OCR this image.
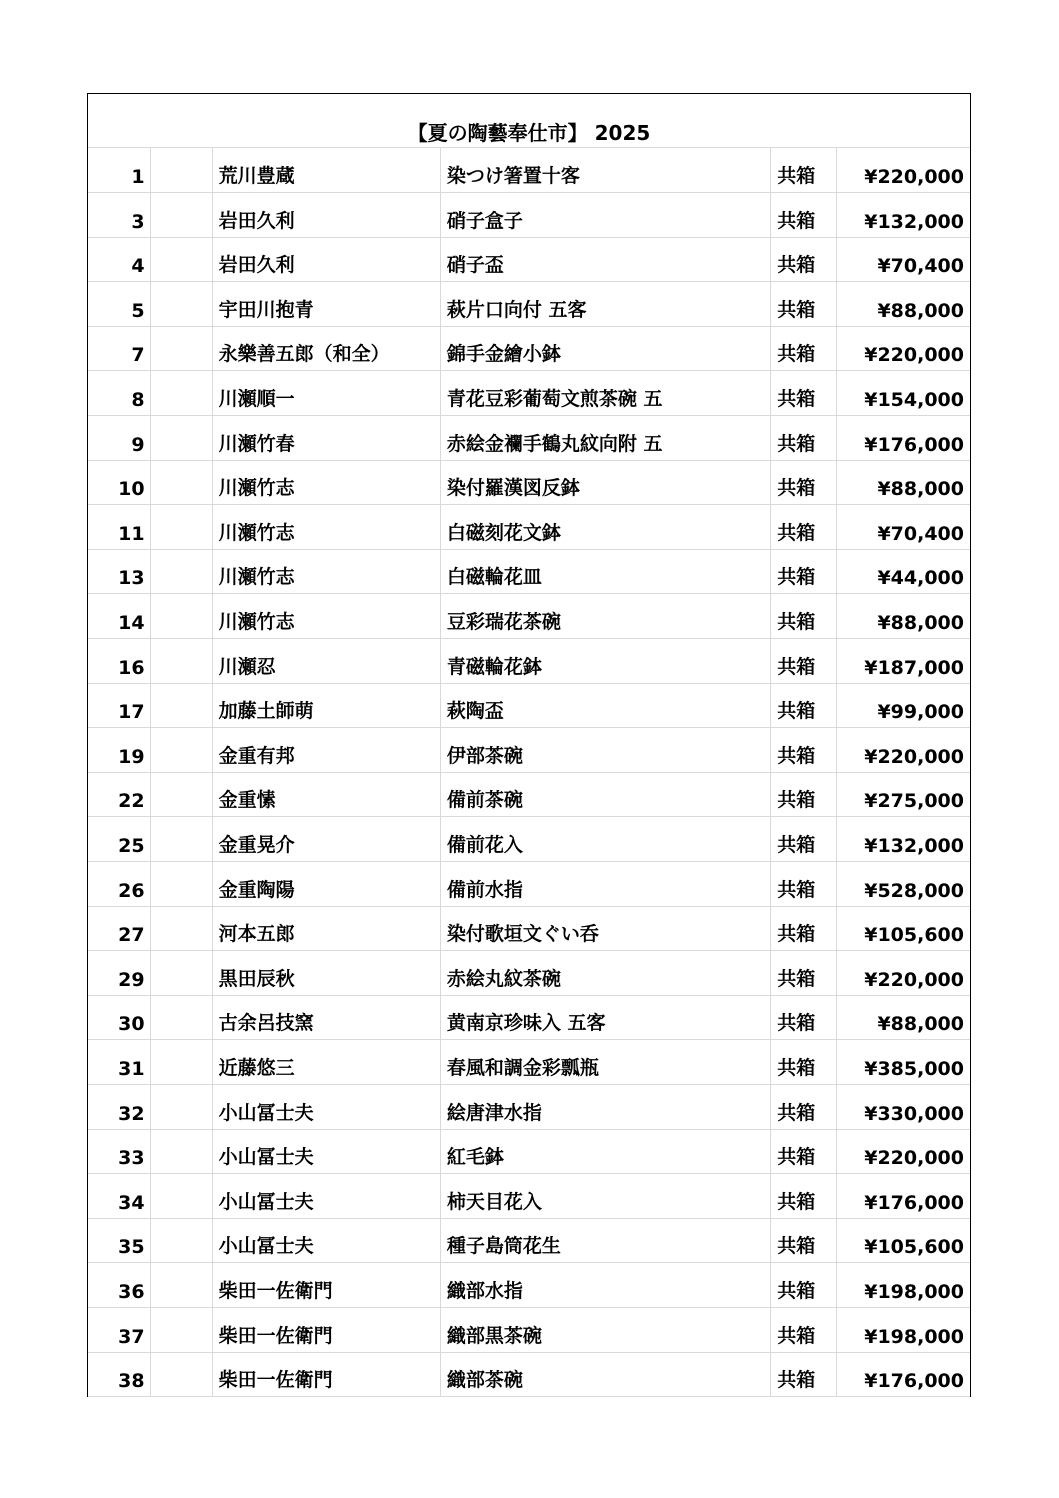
【夏の陶藝奉仕市】 2025
1		荒川豊蔵	染つけ箸置十客	共箱	¥220,000
3		岩田久利	硝子盒子	共箱	¥132,000
4		岩田久利	硝子盃	共箱	¥70,400
5		宇田川抱青	萩片口向付 五客	共箱	¥88,000
7		永樂善五郎（和全）	錦手金繪小鉢	共箱	¥220,000
8		川瀬順一	青花豆彩葡萄文煎茶碗 五	共箱	¥154,000
9		川瀬竹春	赤絵金襴手鶴丸紋向附 五	共箱	¥176,000
10		川瀬竹志	染付羅漢図反鉢	共箱	¥88,000
11		川瀬竹志	白磁刻花文鉢	共箱	¥70,400
13		川瀬竹志	白磁輪花皿	共箱	¥44,000
14		川瀬竹志	豆彩瑞花茶碗	共箱	¥88,000
16		川瀬忍	青磁輪花鉢	共箱	¥187,000
17		加藤土師萌	萩陶盃	共箱	¥99,000
19		金重有邦	伊部茶碗	共箱	¥220,000
22		金重愫	備前茶碗	共箱	¥275,000
25		金重晃介	備前花入	共箱	¥132,000
26		金重陶陽	備前水指	共箱	¥528,000
27		河本五郎	染付歌垣文ぐい呑	共箱	¥105,600
29		黒田辰秋	赤絵丸紋茶碗	共箱	¥220,000
30		古余呂技窯	黄南京珍味入 五客	共箱	¥88,000
31		近藤悠三	春風和調金彩瓢瓶	共箱	¥385,000
32		小山冨士夫	絵唐津水指	共箱	¥330,000
33		小山冨士夫	紅毛鉢	共箱	¥220,000
34		小山冨士夫	柿天目花入	共箱	¥176,000
35		小山冨士夫	種子島筒花生	共箱	¥105,600
36		柴田一佐衛門	織部水指	共箱	¥198,000
37		柴田一佐衛門	織部黒茶碗	共箱	¥198,000
38		柴田一佐衛門	織部茶碗	共箱	¥176,000
